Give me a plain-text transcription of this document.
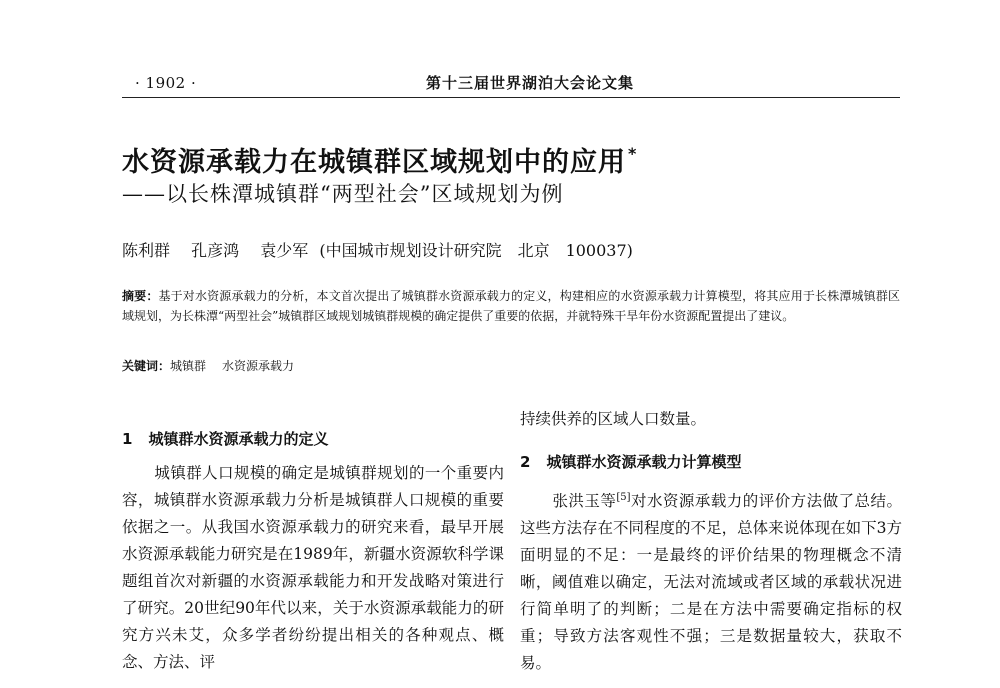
· 1902 ·	第十三届世界湖泊大会论文集
水资源承载力在城镇群区域规划中的应用 *
——以长株潭城镇群“两型社会”区域规划为例
陈利群 孔彦鸿 袁少军 (中国城市规划设计研究院　北京　100037)
摘要：基于对水资源承载力的分析，本文首次提出了城镇群水资源承载力的定义，构建相应的水资源承载力计算模型，将其应用于长株潭城镇群区域规划，为长株潭“两型社会”城镇群区域规划城镇群规模的确定提供了重要的依据，并就特殊干旱年份水资源配置提出了建议。
关键词：城镇群 水资源承载力
1 城镇群水资源承载力的定义
城镇群人口规模的确定是城镇群规划的一个重要内容，城镇群水资源承载力分析是城镇群人口规模的重要依据之一。从我国水资源承载力的研究来看，最早开展水资源承载能力研究是在1989年，新疆水资源软科学课题组首次对新疆的水资源承载能力和开发战略对策进行了研究。20世纪90年代以来，关于水资源承载能力的研究方兴未艾，众多学者纷纷提出相关的各种观点、概念、方法、评
持续供养的区域人口数量。
2 城镇群水资源承载力计算模型
张洪玉等[5]对水资源承载力的评价方法做了总结。这些方法存在不同程度的不足，总体来说体现在如下3方面明显的不足：一是最终的评价结果的物理概念不清晰，阈值难以确定，无法对流域或者区域的承载状况进行简单明了的判断；二是在方法中需要确定指标的权重；导致方法客观性不强；三是数据量较大，获取不易。
